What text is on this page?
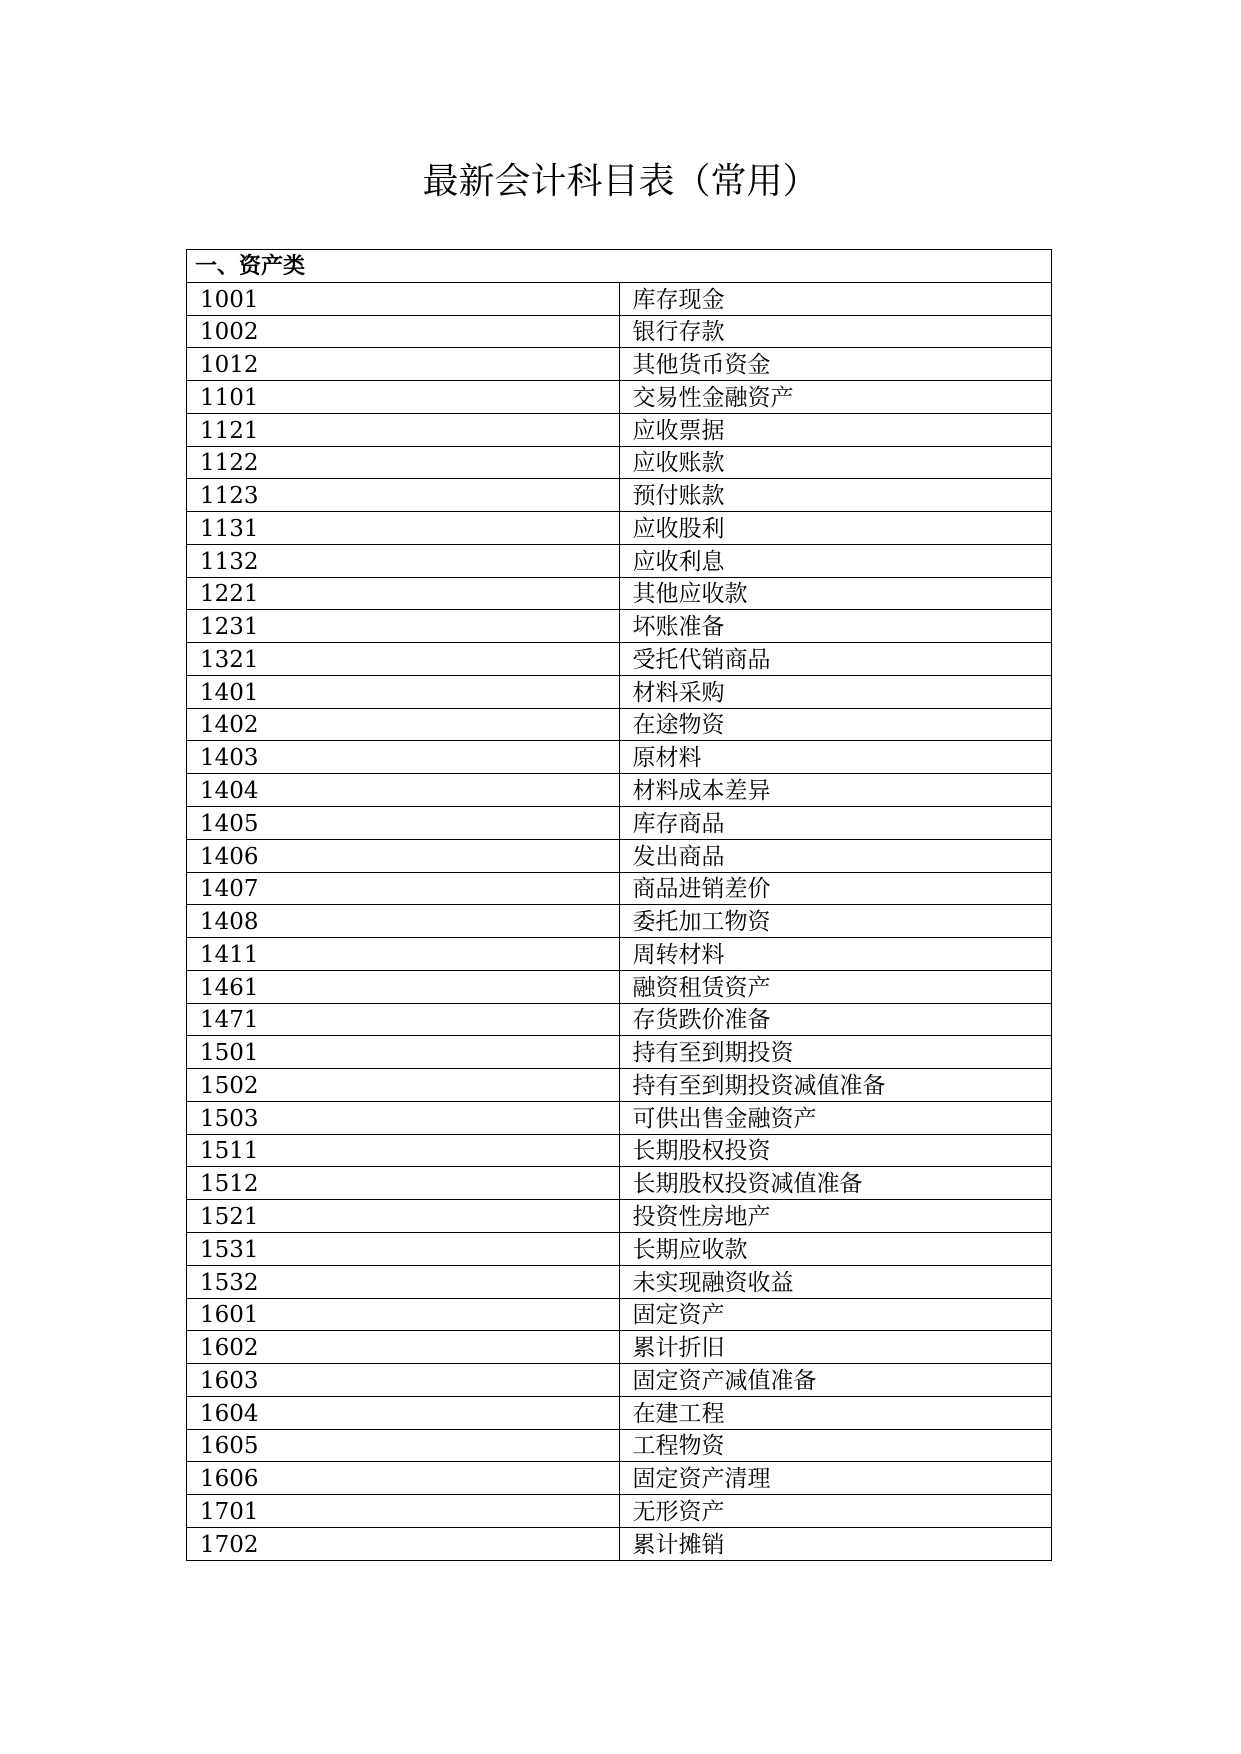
最新会计科目表（常用）
一、资产类	
1001	库存现金
1002	银行存款
1012	其他货币资金
1101	交易性金融资产
1121	应收票据
1122	应收账款
1123	预付账款
1131	应收股利
1132	应收利息
1221	其他应收款
1231	坏账准备
1321	受托代销商品
1401	材料采购
1402	在途物资
1403	原材料
1404	材料成本差异
1405	库存商品
1406	发出商品
1407	商品进销差价
1408	委托加工物资
1411	周转材料
1461	融资租赁资产
1471	存货跌价准备
1501	持有至到期投资
1502	持有至到期投资减值准备
1503	可供出售金融资产
1511	长期股权投资
1512	长期股权投资减值准备
1521	投资性房地产
1531	长期应收款
1532	未实现融资收益
1601	固定资产
1602	累计折旧
1603	固定资产减值准备
1604	在建工程
1605	工程物资
1606	固定资产清理
1701	无形资产
1702	累计摊销
